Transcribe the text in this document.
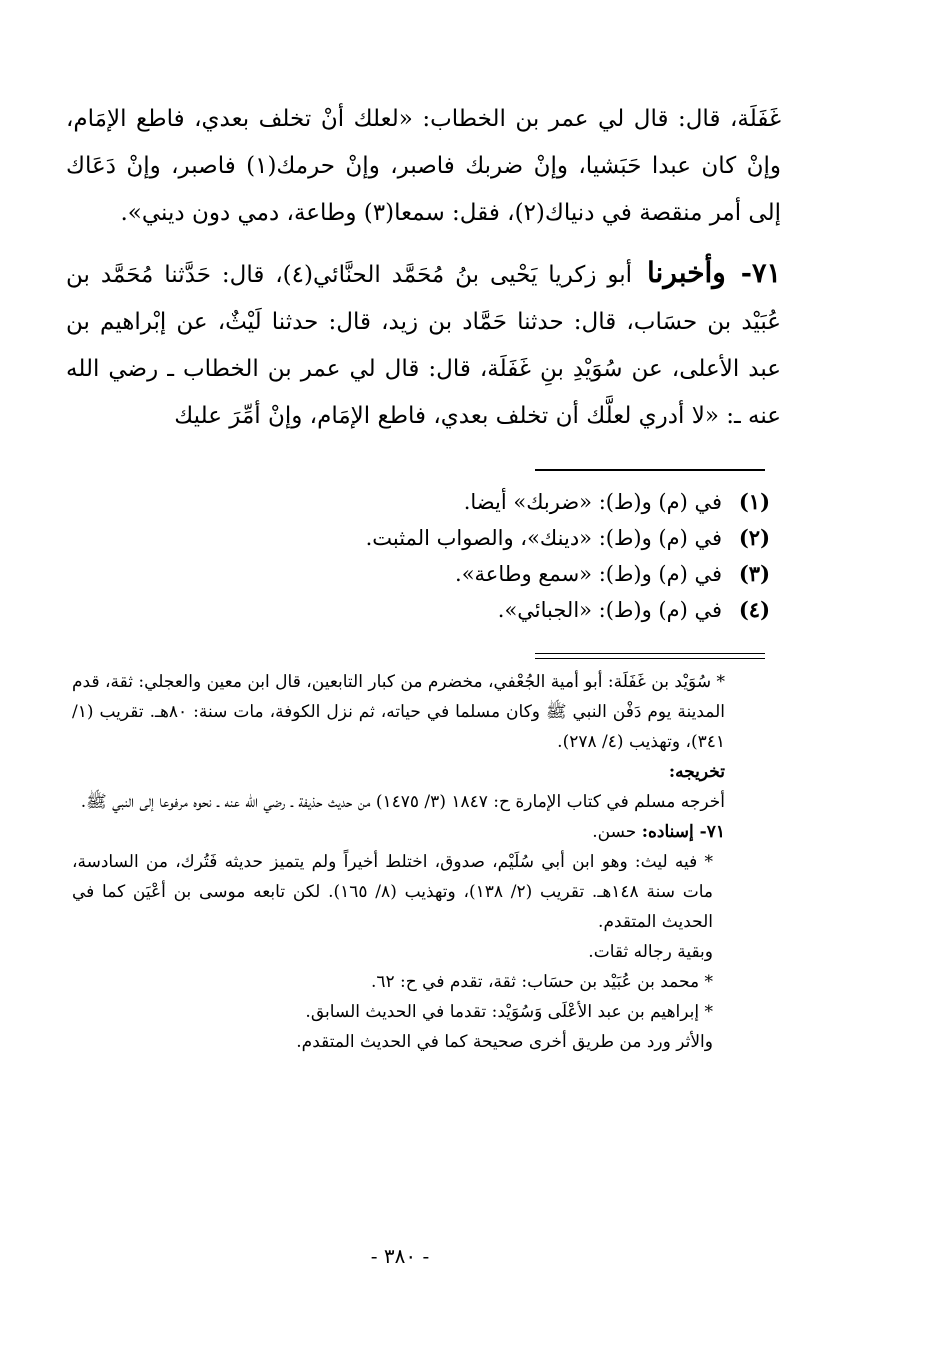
غَفَلَة، قال: قال لي عمر بن الخطاب: «لعلك أنْ تخلف بعدي، فاطع الإمَام، وإنْ كان عبدا حَبَشيا، وإنْ ضربك فاصبر، وإنْ حرمك(١) فاصبر، وإنْ دَعَاك إلى أمر منقصة في دنياك(٢)، فقل: سمعا(٣) وطاعة، دمي دون ديني».

٧١- وأخبرنا أبو زكريا يَحْيى بنُ مُحَمَّد الحنَّائي(٤)، قال: حَدَّثنا مُحَمَّد بن عُبَيْد بن حسَاب، قال: حدثنا حَمَّاد بن زيد، قال: حدثنا لَيْثٌ، عن إبْراهيم بن عبد الأعلى، عن سُوَيْدِ بنِ غَفَلَة، قال: قال لي عمر بن الخطاب ـ رضي الله عنه ـ: «لا أدري لعلَّك أن تخلف بعدي، فاطع الإمَام، وإنْ أمِّرَ عليك

(١)في (م) و(ط): «ضربك» أيضا.
(٢)في (م) و(ط): «دينك»، والصواب المثبت.
(٣)في (م) و(ط): «سمع وطاعة».
(٤)في (م) و(ط): «الجبائي».

* سُوَيْد بن غَفَلَة: أبو أمية الجُعْفي، مخضرم من كبار التابعين، قال ابن معين والعجلي: ثقة، قدم المدينة يوم دَفْن النبي ﷺ وكان مسلما في حياته، ثم نزل الكوفة، مات سنة: ٨٠هـ. تقريب (١/ ٣٤١)، وتهذيب (٤/ ٢٧٨).

تخريجه:

أخرجه مسلم في كتاب الإمارة ح: ١٨٤٧ (٣/ ١٤٧٥) من حديث حذيفة ـ رضي الله عنه ـ نحوه مرفوعا إلى النبي ﷺ.

٧١- إسناده: حسن.

* فيه ليث: وهو ابن أبي سُلَيْم، صدوق، اختلط أخيراً ولم يتميز حديثه فَتُرك، من السادسة، مات سنة ١٤٨هـ. تقريب (٢/ ١٣٨)، وتهذيب (٨/ ١٦٥). لكن تابعه موسى بن أعْيَن كما في الحديث المتقدم.

وبقية رجاله ثقات.

* محمد بن عُبَيْد بن حسَاب: ثقة، تقدم في ح: ٦٢.

* إبراهيم بن عبد الأعْلَى وَسُوَيْد: تقدما في الحديث السابق.

والأثر ورد من طريق أخرى صحيحة كما في الحديث المتقدم.

- ٣٨٠ -
